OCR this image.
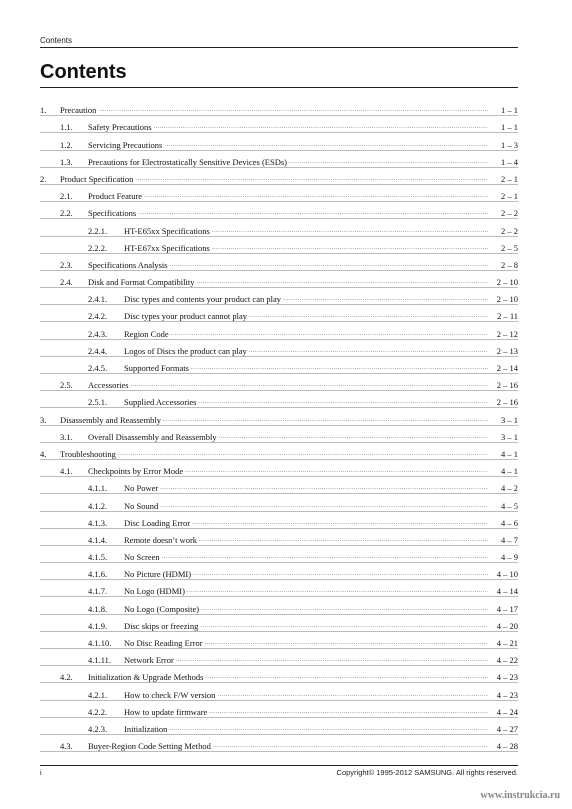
Contents
Contents
1.	Precaution .....	1 – 1
1.1.	Safety Precautions .....	1 – 1
1.2.	Servicing Precautions .....	1 – 3
1.3.	Precautions for Electrostatically Sensitive Devices (ESDs) .....	1 – 4
2.	Product Specification .....	2 – 1
2.1.	Product Feature .....	2 – 1
2.2.	Specifications .....	2 – 2
2.2.1.	HT-E65xx Specifications .....	2 – 2
2.2.2.	HT-E67xx Specifications .....	2 – 5
2.3.	Specifications Analysis .....	2 – 8
2.4.	Disk and Format Compatibility .....	2 – 10
2.4.1.	Disc types and contents your product can play .....	2 – 10
2.4.2.	Disc types your product cannot play .....	2 – 11
2.4.3.	Region Code .....	2 – 12
2.4.4.	Logos of Discs the product can play .....	2 – 13
2.4.5.	Supported Formats .....	2 – 14
2.5.	Accessories .....	2 – 16
2.5.1.	Supplied Accessories .....	2 – 16
3.	Disassembly and Reassembly .....	3 – 1
3.1.	Overall Disassembly and Reassembly .....	3 – 1
4.	Troubleshooting .....	4 – 1
4.1.	Checkpoints by Error Mode .....	4 – 1
4.1.1.	No Power .....	4 – 2
4.1.2.	No Sound .....	4 – 5
4.1.3.	Disc Loading Error .....	4 – 6
4.1.4.	Remote doesn’t work .....	4 – 7
4.1.5.	No Screen .....	4 – 9
4.1.6.	No Picture (HDMI) .....	4 – 10
4.1.7.	No Logo (HDMI) .....	4 – 14
4.1.8.	No Logo (Composite) .....	4 – 17
4.1.9.	Disc skips or freezing .....	4 – 20
4.1.10.	No Disc Reading Error .....	4 – 21
4.1.11.	Network Error .....	4 – 22
4.2.	Initialization & Upgrade Methods .....	4 – 23
4.2.1.	How to check F/W version .....	4 – 23
4.2.2.	How to update firmware .....	4 – 24
4.2.3.	Initialization .....	4 – 27
4.3.	Buyer-Region Code Setting Method .....	4 – 28
i	Copyright© 1995-2012 SAMSUNG. All rights reserved.
www.instrukcia.ru
